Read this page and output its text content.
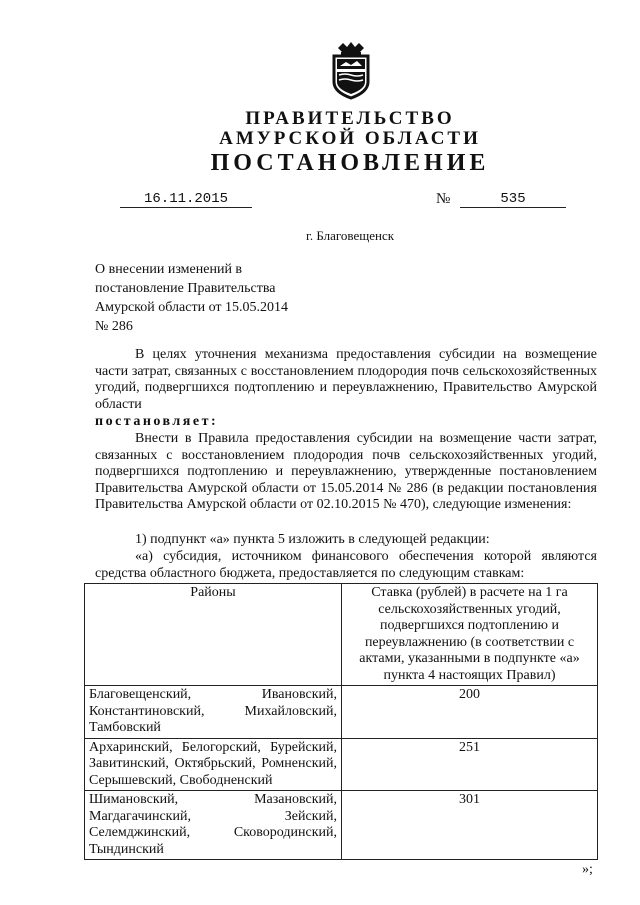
ПРАВИТЕЛЬСТВО
АМУРСКОЙ ОБЛАСТИ
ПОСТАНОВЛЕНИЕ
16.11.2015	№	535
г. Благовещенск
О внесении изменений в
постановление Правительства
Амурской области от 15.05.2014
№ 286
В целях уточнения механизма предоставления субсидии на возмещение части затрат, связанных с восстановлением плодородия почв сельскохозяйственных угодий, подвергшихся подтоплению и переувлажнению, Правительство Амурской области
постановляет:
Внести в Правила предоставления субсидии на возмещение части затрат, связанных с восстановлением плодородия почв сельскохозяйственных угодий, подвергшихся подтоплению и переувлажнению, утвержденные постановлением Правительства Амурской области от 15.05.2014 № 286 (в редакции постановления Правительства Амурской области от 02.10.2015 № 470), следующие изменения:
1) подпункт «а» пункта 5 изложить в следующей редакции:
«а) субсидия, источником финансового обеспечения которой являются средства областного бюджета, предоставляется по следующим ставкам:
Районы	Ставка (рублей) в расчете на 1 га сельскохозяйственных угодий, подвергшихся подтоплению и переувлажнению (в соответствии с актами, указанными в подпункте «а» пункта 4 настоящих Правил)
Благовещенский, Ивановский, Константиновский, Михайловский, Тамбовский	200
Архаринский, Белогорский, Бурейский, Завитинский, Октябрьский, Ромненский, Серышевский, Свободненский	251
Шимановский, Мазановский, Магдагачинский, Зейский, Селемджинский, Сковородинский, Тындинский	301
»;
